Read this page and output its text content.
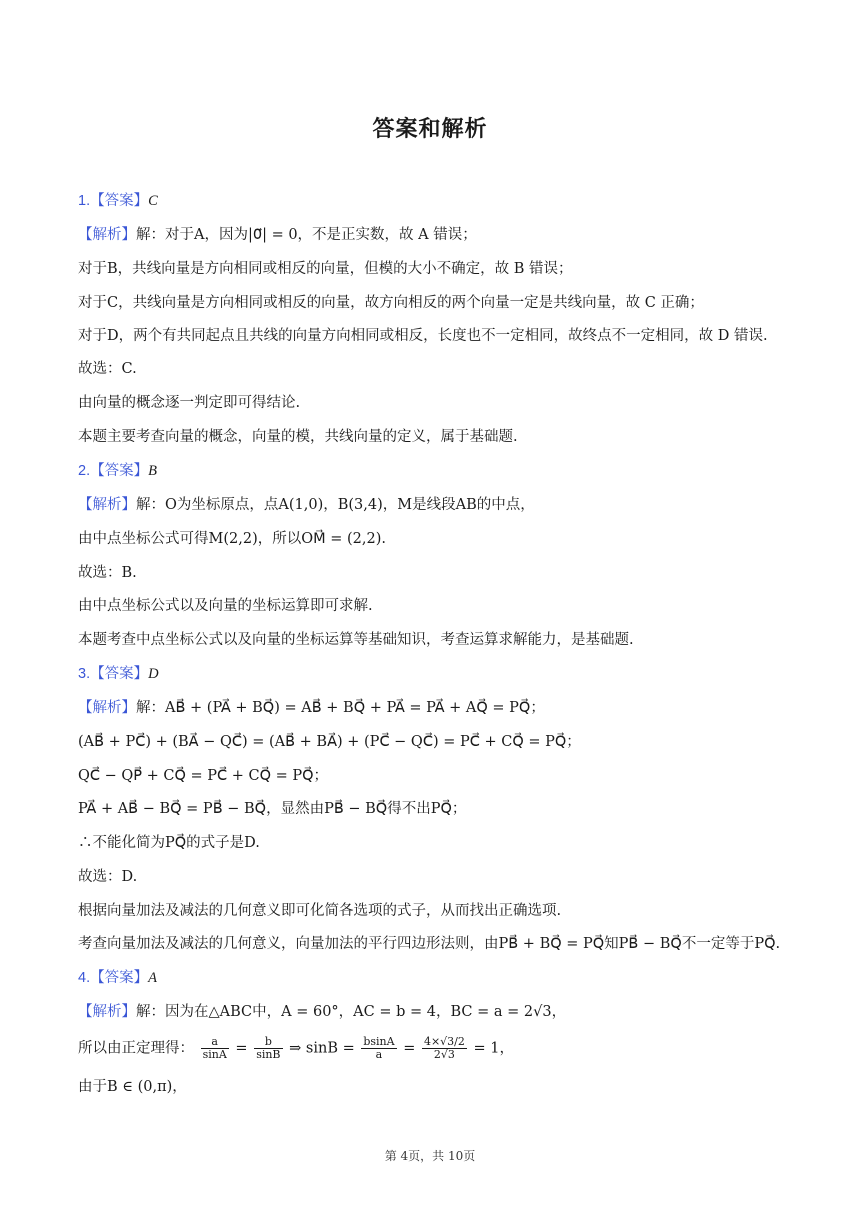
答案和解析
1.【答案】C
【解析】解：对于A，因为|0⃗| = 0，不是正实数，故 A 错误；
对于B，共线向量是方向相同或相反的向量，但模的大小不确定，故 B 错误；
对于C，共线向量是方向相同或相反的向量，故方向相反的两个向量一定是共线向量，故 C 正确；
对于D，两个有共同起点且共线的向量方向相同或相反，长度也不一定相同，故终点不一定相同，故 D 错误.
故选：C.
由向量的概念逐一判定即可得结论.
本题主要考查向量的概念，向量的模，共线向量的定义，属于基础题.
2.【答案】B
【解析】解：O为坐标原点，点A(1,0)，B(3,4)，M是线段AB的中点，
由中点坐标公式可得M(2,2)，所以OM⃗ = (2,2).
故选：B.
由中点坐标公式以及向量的坐标运算即可求解.
本题考查中点坐标公式以及向量的坐标运算等基础知识，考查运算求解能力，是基础题.
3.【答案】D
【解析】解：AB⃗ + (PA⃗ + BQ⃗) = AB⃗ + BQ⃗ + PA⃗ = PA⃗ + AQ⃗ = PQ⃗；
(AB⃗ + PC⃗) + (BA⃗ − QC⃗) = (AB⃗ + BA⃗) + (PC⃗ − QC⃗) = PC⃗ + CQ⃗ = PQ⃗；
QC⃗ − QP⃗ + CQ⃗ = PC⃗ + CQ⃗ = PQ⃗；
PA⃗ + AB⃗ − BQ⃗ = PB⃗ − BQ⃗，显然由PB⃗ − BQ⃗得不出PQ⃗；
∴不能化简为PQ⃗的式子是D.
故选：D.
根据向量加法及减法的几何意义即可化简各选项的式子，从而找出正确选项.
考查向量加法及减法的几何意义，向量加法的平行四边形法则，由PB⃗ + BQ⃗ = PQ⃗知PB⃗ − BQ⃗不一定等于PQ⃗.
4.【答案】A
【解析】解：因为在△ABC中，A = 60°，AC = b = 4，BC = a = 2√3，
所以由正定理得： $\frac{a}{\sin A} = \frac{b}{\sin B}$ ⇒ $\sin B = \frac{bsinA}{a} = \frac{4\times√3/2}{2√3} = 1$，
由于B ∈ (0,π)，
第 4页，共 10页
